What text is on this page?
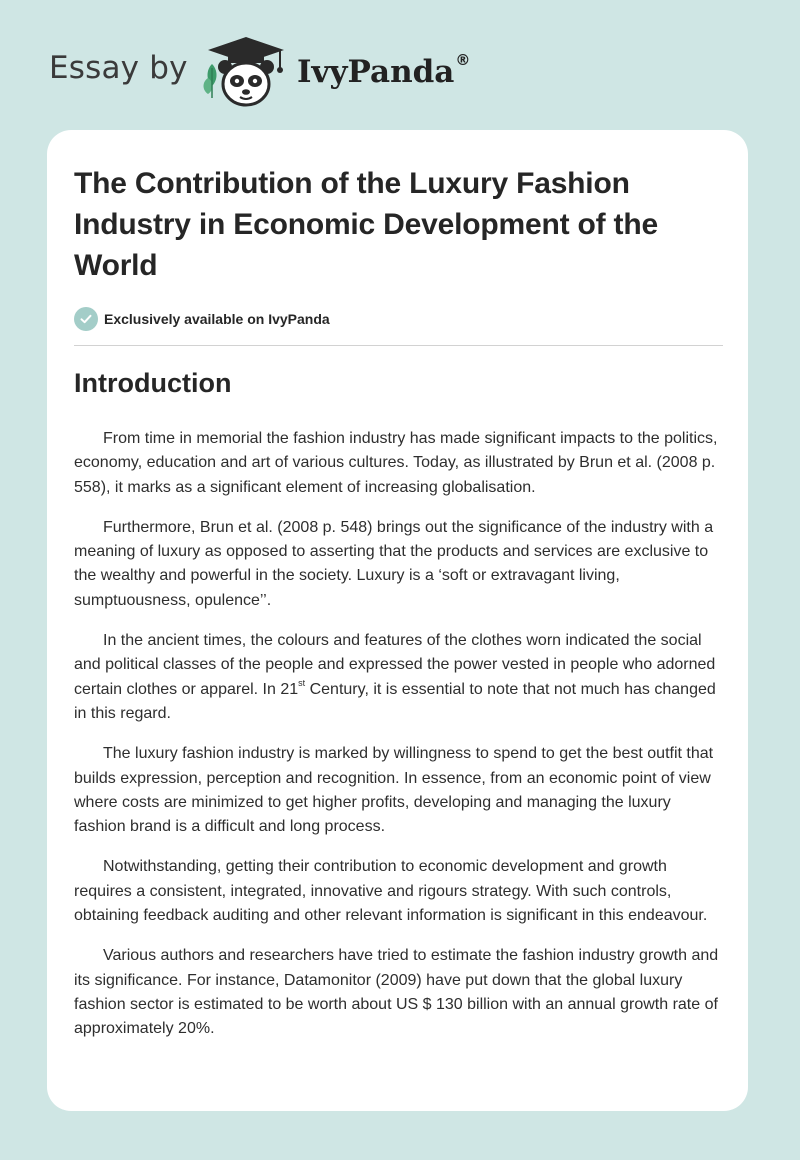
Essay by	IvyPanda®
The Contribution of the Luxury Fashion Industry in Economic Development of the World
Exclusively available on IvyPanda
Introduction

From time in memorial the fashion industry has made significant impacts to the politics, economy, education and art of various cultures. Today, as illustrated by Brun et al. (2008 p. 558), it marks as a significant element of increasing globalisation.

Furthermore, Brun et al. (2008 p. 548) brings out the significance of the industry with a meaning of luxury as opposed to asserting that the products and services are exclusive to the wealthy and powerful in the society. Luxury is a ‘soft or extravagant living, sumptuousness, opulence’’.

In the ancient times, the colours and features of the clothes worn indicated the social and political classes of the people and expressed the power vested in people who adorned certain clothes or apparel. In 21st Century, it is essential to note that not much has changed in this regard.

The luxury fashion industry is marked by willingness to spend to get the best outfit that builds expression, perception and recognition. In essence, from an economic point of view where costs are minimized to get higher profits, developing and managing the luxury fashion brand is a difficult and long process.

Notwithstanding, getting their contribution to economic development and growth requires a consistent, integrated, innovative and rigours strategy. With such controls, obtaining feedback auditing and other relevant information is significant in this endeavour.

Various authors and researchers have tried to estimate the fashion industry growth and its significance. For instance, Datamonitor (2009) have put down that the global luxury fashion sector is estimated to be worth about US $ 130 billion with an annual growth rate of approximately 20%.
